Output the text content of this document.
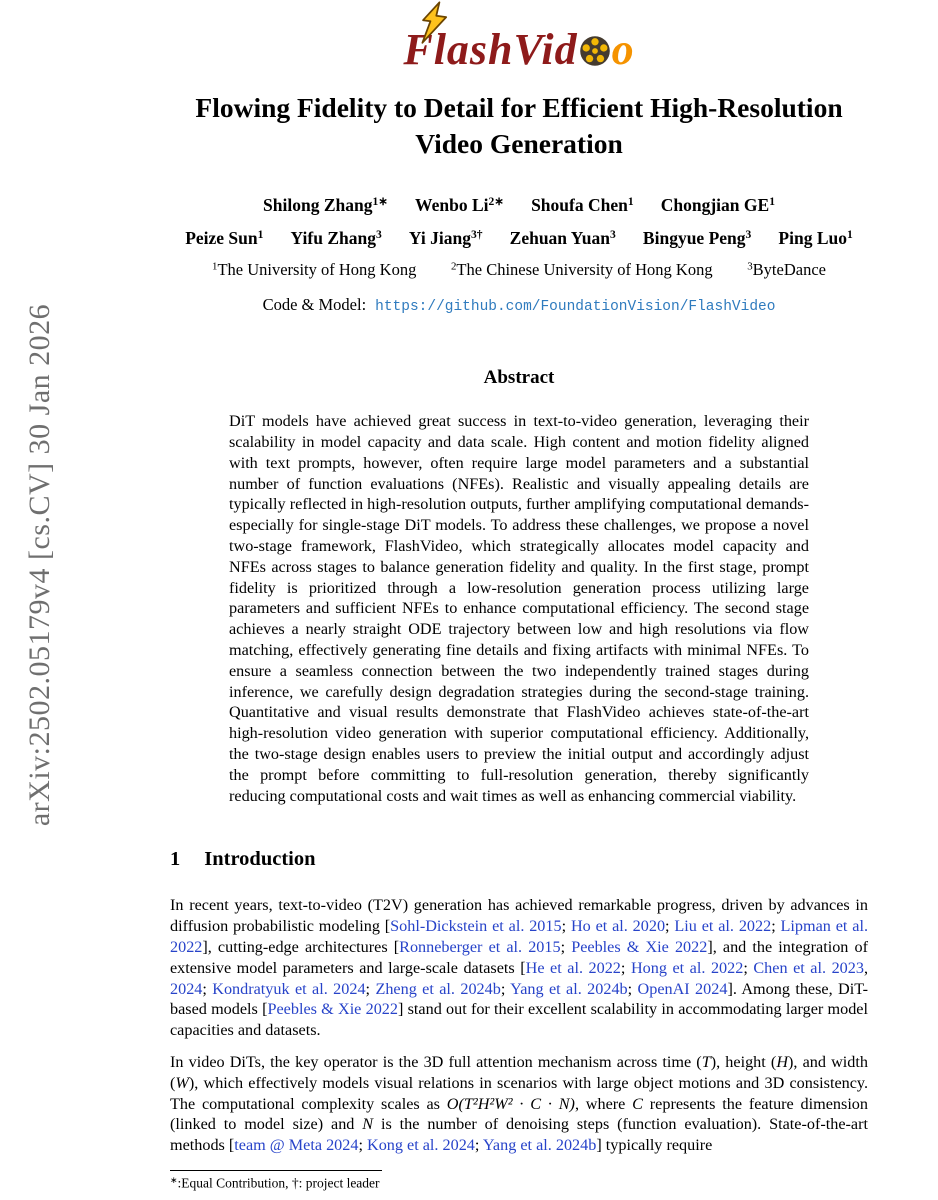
arXiv:2502.05179v4 [cs.CV] 30 Jan 2026
FlashVid o
Flowing Fidelity to Detail for Efficient High-Resolution
Video Generation
Shilong Zhang$^{1∗}$ Wenbo $Li^{2∗}$ Shoufa Chen$^1$ Chongjian $GE^1$
Peize Sun$^1$ Yifu Zhang$^3$ Yi Jiang$^{3\dagger}$ Zehuan Yuan$^3$ Bingyue Peng$^3$ Ping Luo$^1$
$^1$The University of Hong Kong	$^2$The Chinese University of Hong Kong	$^3$ByteDance
Code & Model: https://github.com/FoundationVision/FlashVideo
Abstract

DiT models have achieved great success in text-to-video generation, leveraging their scalability in model capacity and data scale. High content and motion fidelity aligned with text prompts, however, often require large model parameters and a substantial number of function evaluations (NFEs). Realistic and visually appealing details are typically reflected in high-resolution outputs, further amplifying computational demands-especially for single-stage DiT models. To address these challenges, we propose a novel two-stage framework, FlashVideo, which strategically allocates model capacity and NFEs across stages to balance generation fidelity and quality. In the first stage, prompt fidelity is prioritized through a low-resolution generation process utilizing large parameters and sufficient NFEs to enhance computational efficiency. The second stage achieves a nearly straight ODE trajectory between low and high resolutions via flow matching, effectively generating fine details and fixing artifacts with minimal NFEs. To ensure a seamless connection between the two independently trained stages during inference, we carefully design degradation strategies during the second-stage training. Quantitative and visual results demonstrate that FlashVideo achieves state-of-the-art high-resolution video generation with superior computational efficiency. Additionally, the two-stage design enables users to preview the initial output and accordingly adjust the prompt before committing to full-resolution generation, thereby significantly reducing computational costs and wait times as well as enhancing commercial viability.

1 Introduction

In recent years, text-to-video (T2V) generation has achieved remarkable progress, driven by advances in diffusion probabilistic modeling [Sohl-Dickstein et al. 2015; Ho et al. 2020; Liu et al. 2022; Lipman et al. 2022], cutting-edge architectures [Ronneberger et al. 2015; Peebles & Xie 2022], and the integration of extensive model parameters and large-scale datasets [He et al. 2022; Hong et al. 2022; Chen et al. 2023, 2024; Kondratyuk et al. 2024; Zheng et al. 2024b; Yang et al. 2024b; OpenAI 2024]. Among these, DiT-based models [Peebles & Xie 2022] stand out for their excellent scalability in accommodating larger model capacities and datasets.

In video DiTs, the key operator is the 3D full attention mechanism across time (T), height (H), and width (W), which effectively models visual relations in scenarios with large object motions and 3D consistency. The computational complexity scales as O(T²H²W² · C · N), where C represents the feature dimension (linked to model size) and N is the number of denoising steps (function evaluation). State-of-the-art methods [team @ Meta 2024; Kong et al. 2024; Yang et al. 2024b] typically require

∗:Equal Contribution, †: project leader
